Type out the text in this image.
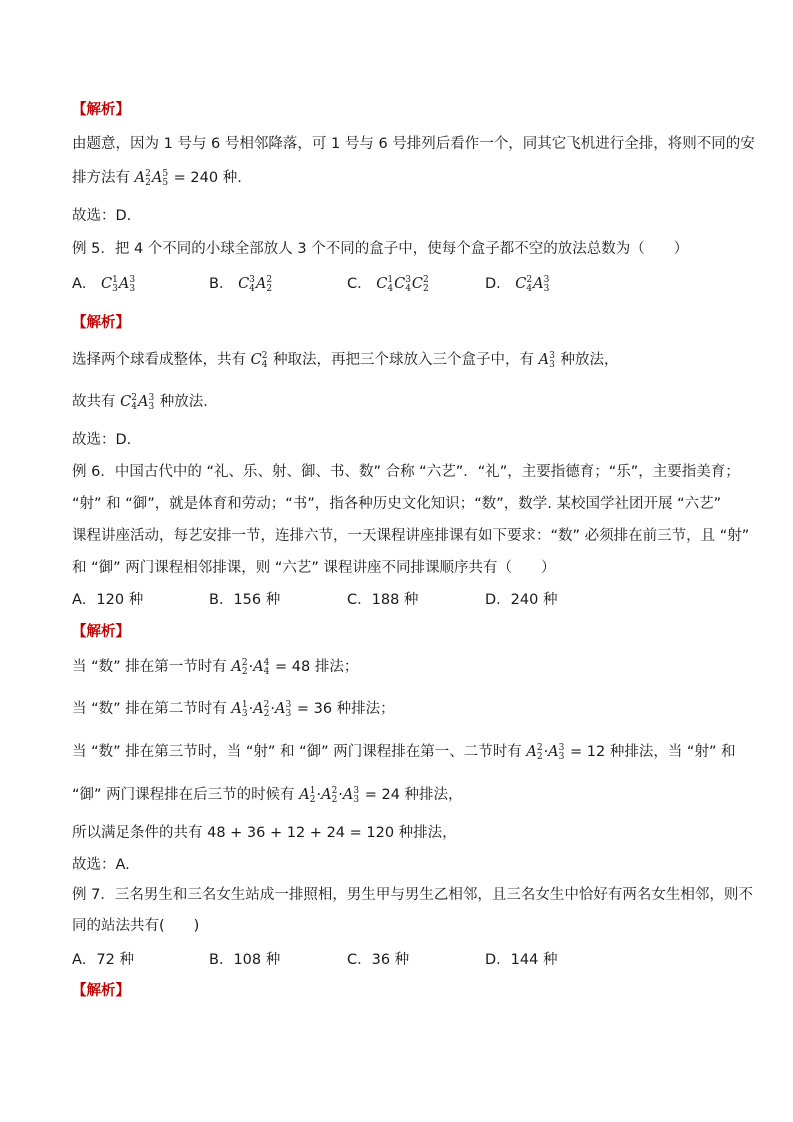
【解析】
由题意，因为 1 号与 6 号相邻降落，可 1 号与 6 号排列后看作一个，同其它飞机进行全排，将则不同的安
排方法有 A 2
2 A 5
5 = 240 种.
故选：D.
例 5．把 4 个不同的小球全部放人 3 个不同的盒子中，使每个盒子都不空的放法总数为（　　）
A． C 1
3 A 3
3	B． C 3
4 A 2
2	C． C 1
4 C 3
4 C 2
2	D． C 2
4 A 3
3
【解析】
选择两个球看成整体，共有 C 2
4 种取法，再把三个球放入三个盒子中，有 A 3
3 种放法，
故共有 C 2
4 A 3
3 种放法.
故选：D.
例 6．中国古代中的 “礼、乐、射、御、书、数” 合称 “六艺”．“礼”，主要指德育；“乐”，主要指美育；
“射” 和 “御”，就是体育和劳动；“书”，指各种历史文化知识；“数”，数学. 某校国学社团开展 “六艺”
课程讲座活动，每艺安排一节，连排六节，一天课程讲座排课有如下要求：“数” 必须排在前三节，且 “射”
和 “御” 两门课程相邻排课，则 “六艺” 课程讲座不同排课顺序共有（　　）
A．120 种	B．156 种	C．188 种	D．240 种
【解析】
当 “数” 排在第一节时有 A 2
2 ·A 4
4 = 48 排法；
当 “数” 排在第二节时有 A 1
3 ·A 2
2 ·A 3
3 = 36 种排法；
当 “数” 排在第三节时，当 “射” 和 “御” 两门课程排在第一、二节时有 A 2
2 ·A 3
3 = 12 种排法，当 “射” 和
“御” 两门课程排在后三节的时候有 A 1
2 ·A 2
2 ·A 3
3 = 24 种排法，
所以满足条件的共有 48 + 36 + 12 + 24 = 120 种排法，
故选：A.
例 7．三名男生和三名女生站成一排照相，男生甲与男生乙相邻，且三名女生中恰好有两名女生相邻，则不
同的站法共有(　　)
A．72 种	B．108 种	C．36 种	D．144 种
【解析】
